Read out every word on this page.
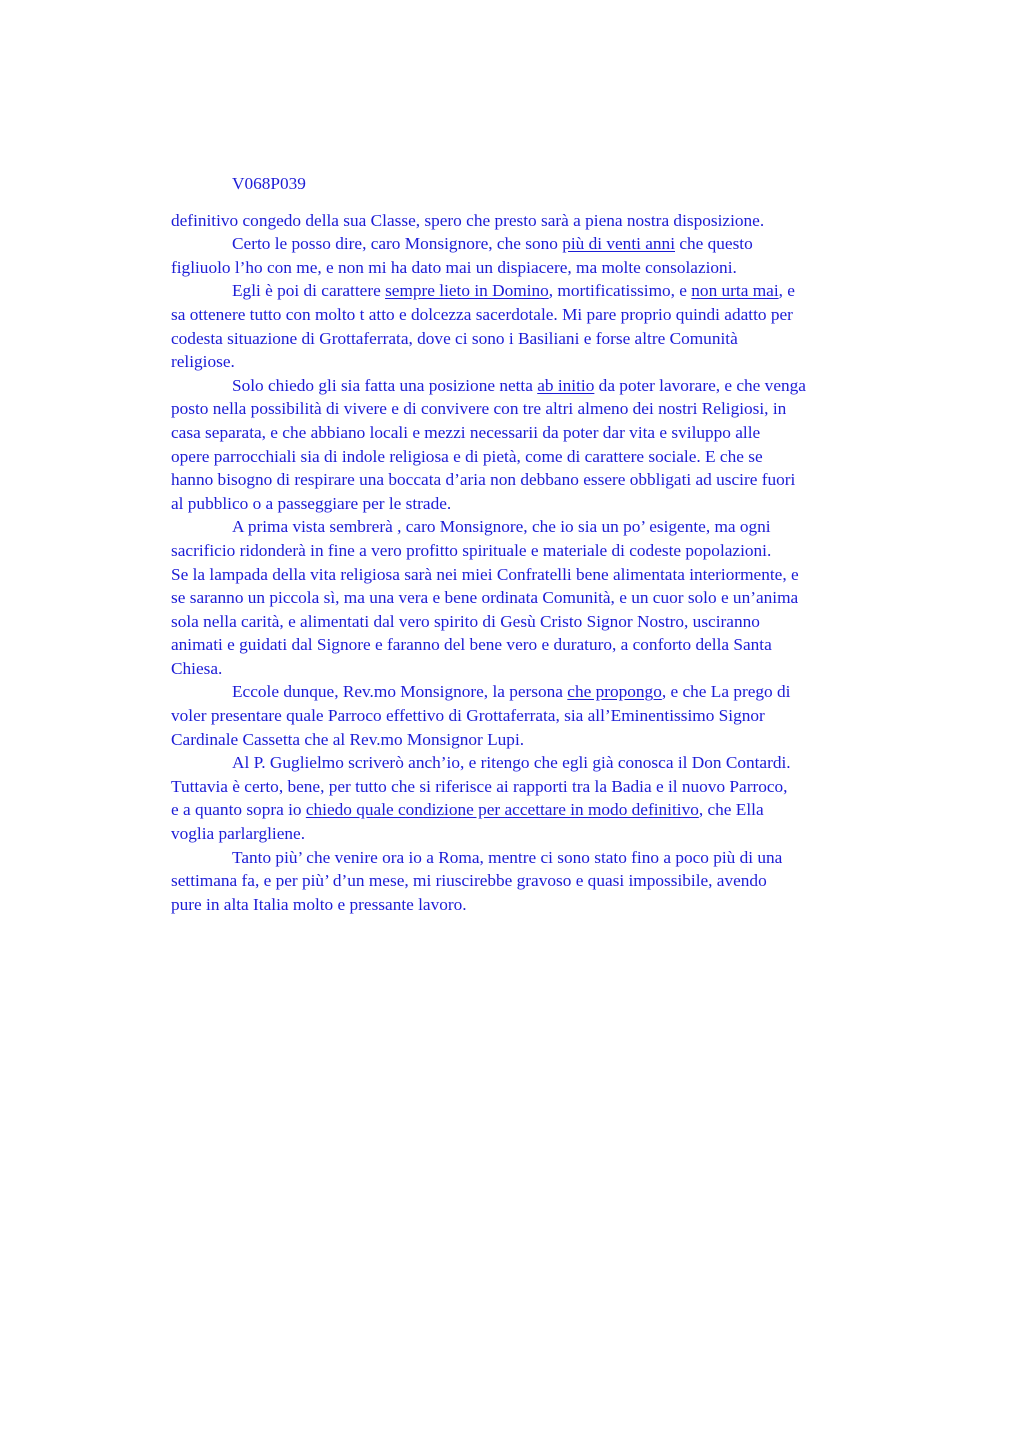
V068P039
definitivo congedo della sua Classe, spero che presto sarà a piena nostra disposizione.
Certo le posso dire, caro Monsignore, che sono più di venti anni che questo
figliuolo l’ho con me, e non mi ha dato mai un dispiacere, ma molte consolazioni.
Egli è poi di carattere sempre lieto in Domino, mortificatissimo, e non urta mai, e
sa ottenere tutto con molto t atto e dolcezza sacerdotale. Mi pare proprio quindi adatto per
codesta situazione di Grottaferrata, dove ci sono i Basiliani e forse altre Comunità
religiose.
Solo chiedo gli sia fatta una posizione netta ab initio da poter lavorare, e che venga
posto nella possibilità di vivere e di convivere con tre altri almeno dei nostri Religiosi, in
casa separata, e che abbiano locali e mezzi necessarii da poter dar vita e sviluppo alle
opere parrocchiali sia di indole religiosa e di pietà, come di carattere sociale. E che se
hanno bisogno di respirare una boccata d’aria non debbano essere obbligati ad uscire fuori
al pubblico o a passeggiare per le strade.
A prima vista sembrerà , caro Monsignore, che io sia un po’ esigente, ma ogni
sacrificio ridonderà in fine a vero profitto spirituale e materiale di codeste popolazioni.
Se la lampada della vita religiosa sarà nei miei Confratelli bene alimentata interiormente, e
se saranno un piccola sì, ma una vera e bene ordinata Comunità, e un cuor solo e un’anima
sola nella carità, e alimentati dal vero spirito di Gesù Cristo Signor Nostro, usciranno
animati e guidati dal Signore e faranno del bene vero e duraturo, a conforto della Santa
Chiesa.
Eccole dunque, Rev.mo Monsignore, la persona che propongo, e che La prego di
voler presentare quale Parroco effettivo di Grottaferrata, sia all’Eminentissimo Signor
Cardinale Cassetta che al Rev.mo Monsignor Lupi.
Al P. Guglielmo scriverò anch’io, e ritengo che egli già conosca il Don Contardi.
Tuttavia è certo, bene, per tutto che si riferisce ai rapporti tra la Badia e il nuovo Parroco,
e a quanto sopra io chiedo quale condizione per accettare in modo definitivo, che Ella
voglia parlargliene.
Tanto più’ che venire ora io a Roma, mentre ci sono stato fino a poco più di una
settimana fa, e per più’ d’un mese, mi riuscirebbe gravoso e quasi impossibile, avendo
pure in alta Italia molto e pressante lavoro.
